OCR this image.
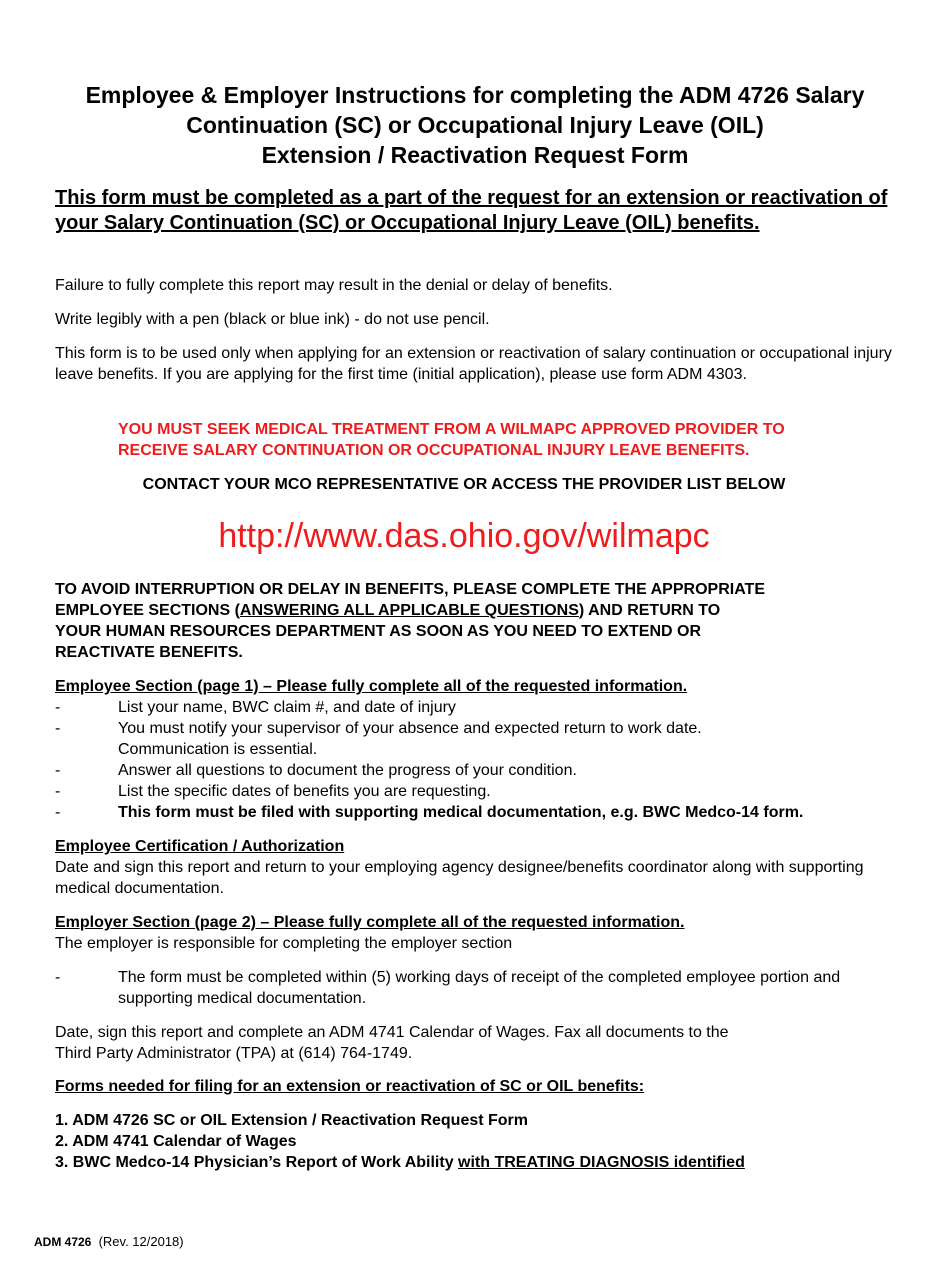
Employee & Employer Instructions for completing the ADM 4726 Salary
Continuation (SC) or Occupational Injury Leave (OIL)
Extension / Reactivation Request Form
This form must be completed as a part of the request for an extension or reactivation of your Salary Continuation (SC) or Occupational Injury Leave (OIL) benefits.
Failure to fully complete this report may result in the denial or delay of benefits.
Write legibly with a pen (black or blue ink) - do not use pencil.
This form is to be used only when applying for an extension or reactivation of salary continuation or occupational injury leave benefits. If you are applying for the first time (initial application), please use form ADM 4303.
YOU MUST SEEK MEDICAL TREATMENT FROM A WILMAPC APPROVED PROVIDER TO
RECEIVE SALARY CONTINUATION OR OCCUPATIONAL INJURY LEAVE BENEFITS.
CONTACT YOUR MCO REPRESENTATIVE OR ACCESS THE PROVIDER LIST BELOW
http://www.das.ohio.gov/wilmapc
TO AVOID INTERRUPTION OR DELAY IN BENEFITS, PLEASE COMPLETE THE APPROPRIATE
EMPLOYEE SECTIONS (ANSWERING ALL APPLICABLE QUESTIONS) AND RETURN TO
YOUR HUMAN RESOURCES DEPARTMENT AS SOON AS YOU NEED TO EXTEND OR
REACTIVATE BENEFITS.
Employee Section (page 1) – Please fully complete all of the requested information.
-	List your name, BWC claim #, and date of injury
-	You must notify your supervisor of your absence and expected return to work date.
Communication is essential.
-	Answer all questions to document the progress of your condition.
-	List the specific dates of benefits you are requesting.
-	This form must be filed with supporting medical documentation, e.g. BWC Medco-14 form.
Employee Certification / Authorization
Date and sign this report and return to your employing agency designee/benefits coordinator along with supporting medical documentation.
Employer Section (page 2) – Please fully complete all of the requested information.
The employer is responsible for completing the employer section
-	The form must be completed within (5) working days of receipt of the completed employee portion and supporting medical documentation.
Date, sign this report and complete an ADM 4741 Calendar of Wages. Fax all documents to the
Third Party Administrator (TPA) at (614) 764-1749.
Forms needed for filing for an extension or reactivation of SC or OIL benefits:
1. ADM 4726 SC or OIL Extension / Reactivation Request Form
2. ADM 4741 Calendar of Wages
3. BWC Medco-14 Physician’s Report of Work Ability with TREATING DIAGNOSIS identified
ADM 4726 (Rev. 12/2018)
